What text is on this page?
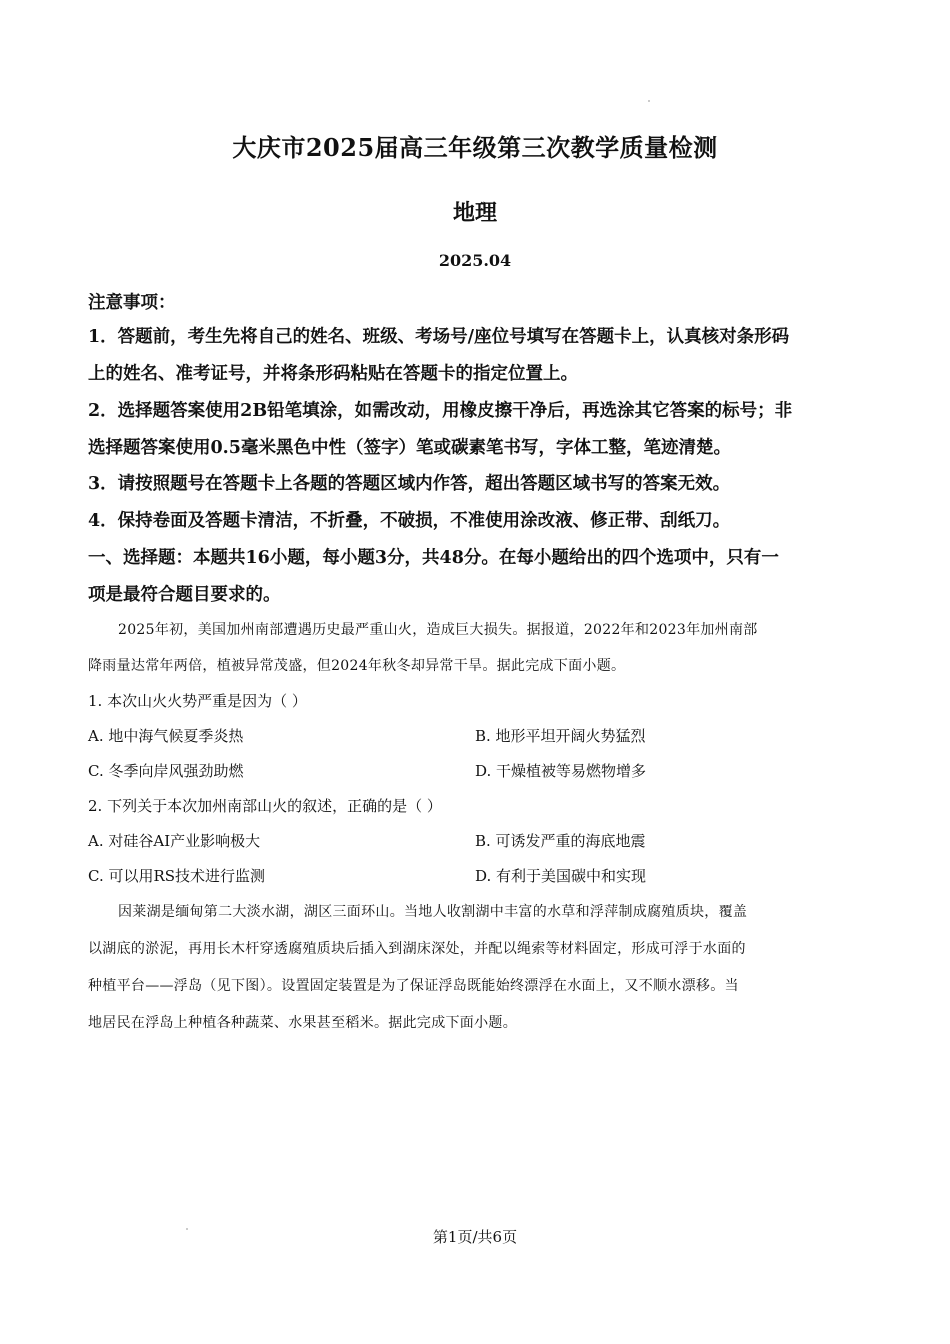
大庆市2025届高三年级第三次教学质量检测
地理
2025.04
注意事项：
1．答题前，考生先将自己的姓名、班级、考场号/座位号填写在答题卡上，认真核对条形码
上的姓名、准考证号，并将条形码粘贴在答题卡的指定位置上。
2．选择题答案使用2B铅笔填涂，如需改动，用橡皮擦干净后，再选涂其它答案的标号；非
选择题答案使用0.5毫米黑色中性（签字）笔或碳素笔书写，字体工整，笔迹清楚。
3．请按照题号在答题卡上各题的答题区域内作答，超出答题区域书写的答案无效。
4．保持卷面及答题卡清洁，不折叠，不破损，不准使用涂改液、修正带、刮纸刀。
一、选择题：本题共16小题，每小题3分，共48分。在每小题给出的四个选项中，只有一
项是最符合题目要求的。
2025年初，美国加州南部遭遇历史最严重山火，造成巨大损失。据报道，2022年和2023年加州南部
降雨量达常年两倍，植被异常茂盛，但2024年秋冬却异常干旱。据此完成下面小题。
1. 本次山火火势严重是因为（ ）
A. 地中海气候夏季炎热	B. 地形平坦开阔火势猛烈
C. 冬季向岸风强劲助燃	D. 干燥植被等易燃物增多
2. 下列关于本次加州南部山火的叙述，正确的是（ ）
A. 对硅谷AI产业影响极大	B. 可诱发严重的海底地震
C. 可以用RS技术进行监测	D. 有利于美国碳中和实现
因莱湖是缅甸第二大淡水湖，湖区三面环山。当地人收割湖中丰富的水草和浮萍制成腐殖质块，覆盖
以湖底的淤泥，再用长木杆穿透腐殖质块后插入到湖床深处，并配以绳索等材料固定，形成可浮于水面的
种植平台——浮岛（见下图）。设置固定装置是为了保证浮岛既能始终漂浮在水面上，又不顺水漂移。当
地居民在浮岛上种植各种蔬菜、水果甚至稻米。据此完成下面小题。
第1页/共6页
